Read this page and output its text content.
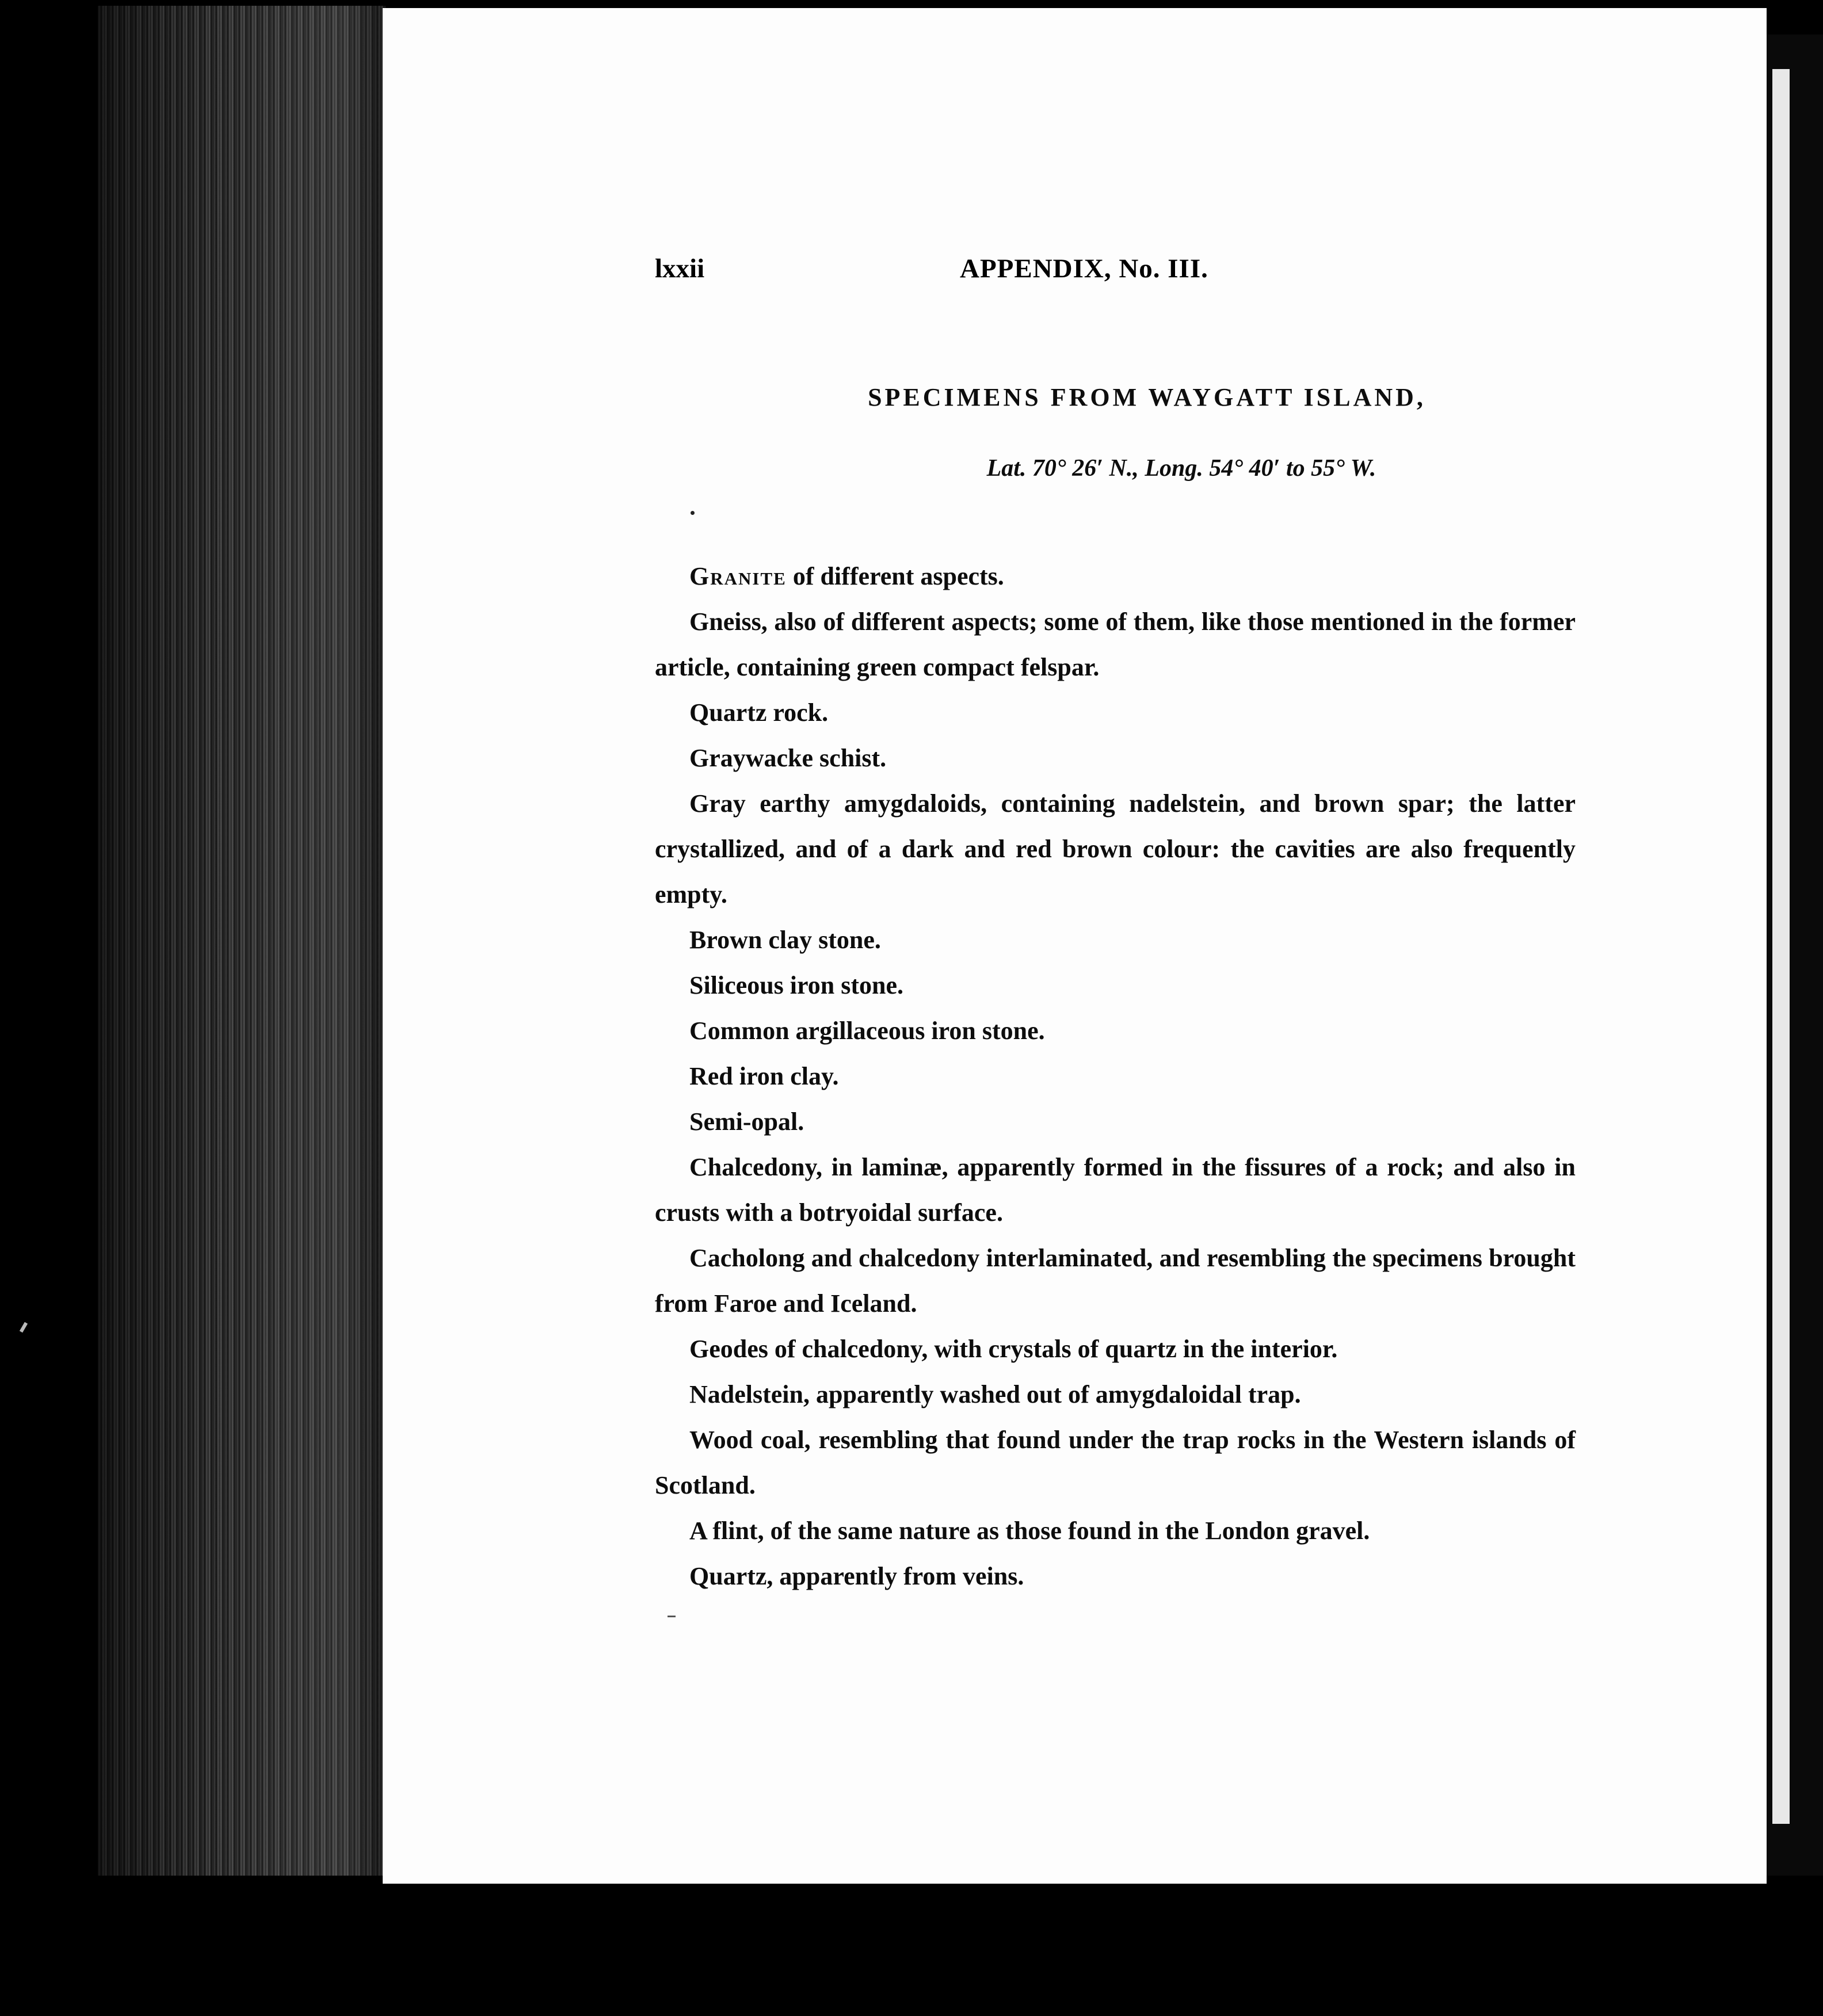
lxxii	APPENDIX, No. III.
SPECIMENS FROM WAYGATT ISLAND,
Lat. 70° 26′ N., Long. 54° 40′ to 55° W.

Granite of different aspects.

Gneiss, also of different aspects; some of them, like those mentioned in the former article, containing green compact felspar.

Quartz rock.

Graywacke schist.

Gray earthy amygdaloids, containing nadelstein, and brown spar; the latter crystallized, and of a dark and red brown colour: the cavities are also frequently empty.

Brown clay stone.

Siliceous iron stone.

Common argillaceous iron stone.

Red iron clay.

Semi-opal.

Chalcedony, in laminæ, apparently formed in the fissures of a rock; and also in crusts with a botryoidal surface.

Cacholong and chalcedony interlaminated, and resembling the specimens brought from Faroe and Iceland.

Geodes of chalcedony, with crystals of quartz in the interior.

Nadelstein, apparently washed out of amygdaloidal trap.

Wood coal, resembling that found under the trap rocks in the Western islands of Scotland.

A flint, of the same nature as those found in the London gravel.

Quartz, apparently from veins.
